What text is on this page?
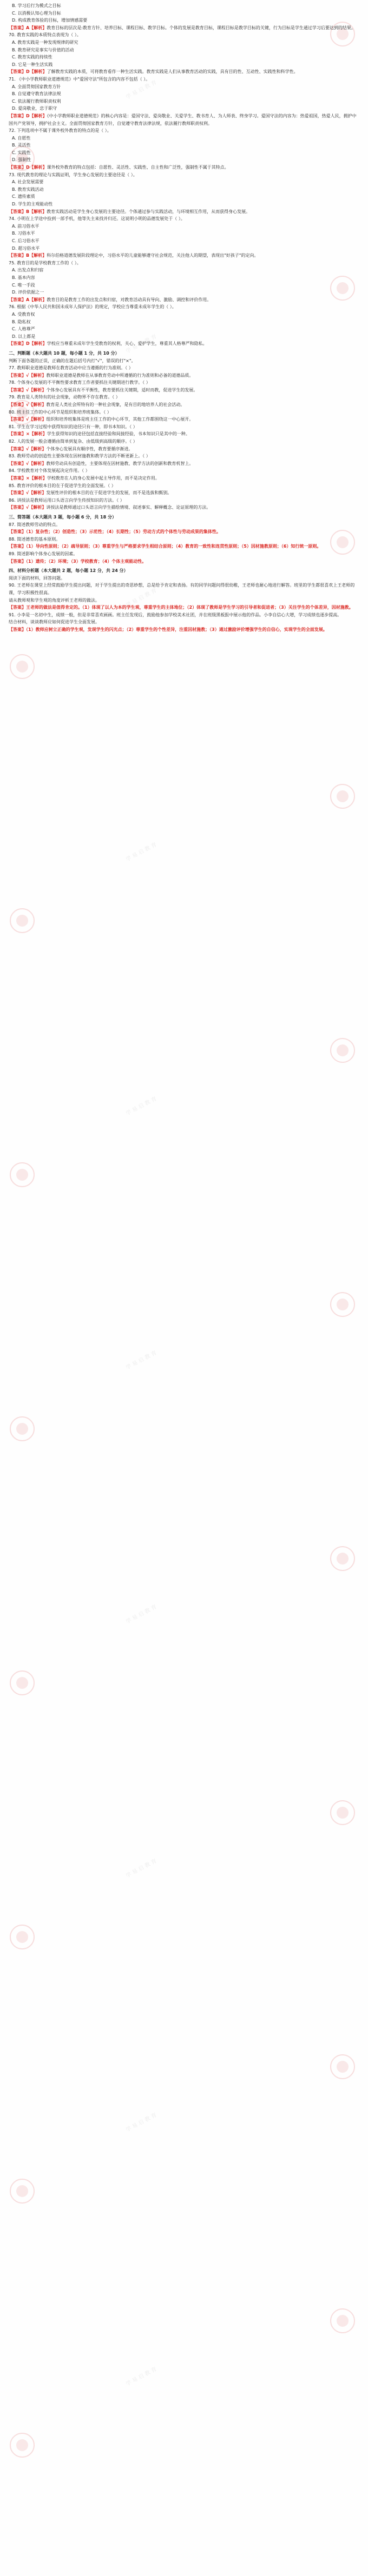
学 易 启 教 育
学 易 启 教 育
学 易 启 教 育
学 易 启 教 育
学 易 启 教 育
学 易 启 教 育
学 易 启 教 育
学 易 启 教 育
学 易 启 教 育
学 易 启 教 育
B. 学习后行为模式之目标
C. 以消极认知心理为目标
D. 构成教育体验的目标，增加情感需要
【答案】A【解析】教育目标的层次是:教育方针、培养目标、课程目标、教学目标。个体的发展是教育目标，课程目标是教学目标的关键，行为目标是学生通过学习后要达到的结果。
70. 教育实践的本质特点表现为（ ）。
A. 教育实践是一种发现规律的研究
B. 教育研究是事实与价值的活动
C. 教育实践的持续性
D. 它是一种生活实践
【答案】D【解析】了解教育实践的本质，可将教育看作一种生活实践。教育实践是人们从事教育活动的实践，具有目的性、互动性、实践性和科学性。
71. 《中小学教师职业道德规范》中"爱国守法"所包含的内容不包括（ ）。
A. 全面贯彻国家教育方针
B. 自觉遵守教育法律法规
C. 依法履行教师职责权利
D. 爱岗敬业，忠于职守
【答案】D【解析】《中小学教师职业道德规范》的核心内容是：爱国守法、爱岗敬业、关爱学生、教书育人、为人师表、终身学习。爱国守法的内容为：热爱祖国，热爱人民，拥护中国共产党领导，拥护社会主义。全面贯彻国家教育方针，自觉遵守教育法律法规，依法履行教师职责权利。
72. 下列选项中不属于课外校外教育的特点的是（ ）。
A. 自愿性
B. 灵活性
C. 实践性
D. 强制性
【答案】D【解析】课外校外教育的特点包括：自愿性、灵活性、实践性、自主性和广泛性，强制性不属于其特点。
73. 现代教育的理论与实践证明，学生身心发展的主要途径是（ ）。
A. 社会发展需要
B. 教育实践活动
C. 遗传素质
D. 学生的主观能动性
【答案】B【解析】教育实践活动是学生身心发展的主要途径。个体通过参与实践活动，与环境相互作用，从而获得身心发展。
74. 小明在上学途中捡到一部手机，他等失主来找并归还。这说明小明的品德发展处于（ ）。
A. 前习俗水平
B. 习俗水平
C. 后习俗水平
D. 超习俗水平
【答案】B【解析】科尔伯格道德发展阶段理论中，习俗水平的儿童能够遵守社会规范，关注他人的期望，表现出"好孩子"的定向。
75. 教育目的是学校教育工作的（ ）。
A. 出发点和归宿
B. 基本内容
C. 唯一手段
D. 评价依据之一
【答案】A【解析】教育目的是教育工作的出发点和归宿，对教育活动具有导向、激励、调控和评价作用。
76. 根据《中华人民共和国未成年人保护法》的规定，学校应当尊重未成年学生的（ ）。
A. 受教育权
B. 隐私权
C. 人格尊严
D. 以上都是
【答案】D【解析】学校应当尊重未成年学生受教育的权利，关心、爱护学生，尊重其人格尊严和隐私。
二、判断题（本大题共 10 题，每小题 1 分，共 10 分）
判断下面各题的正误，正确的在题后括号内打"√"，错误的打"×"。
77. 教师职业道德是教师在教育活动中应当遵循的行为准则。（ ）
【答案】√【解析】教师职业道德是教师在从事教育劳动中所遵循的行为准则和必备的道德品质。
78. 个体身心发展的不平衡性要求教育工作者要抓住关键期进行教学。（ ）
【答案】√【解析】个体身心发展具有不平衡性，教育要抓住关键期，适时而教，促进学生的发展。
79. 教育是人类特有的社会现象，动物界不存在教育。（ ）
【答案】√【解析】教育是人类社会所特有的一种社会现象，是有目的地培养人的社会活动。
80. 班主任工作的中心环节是组织和培养班集体。（ ）
【答案】√【解析】组织和培养班集体是班主任工作的中心环节，其他工作都围绕这一中心展开。
81. 学生在学习过程中获得知识的途径只有一种，即书本知识。（ ）
【答案】×【解析】学生获得知识的途径包括直接经验和间接经验，书本知识只是其中的一种。
82. 人的发展一般会遵循由简单到复杂、由低级到高级的顺序。（ ）
【答案】√【解析】个体身心发展具有顺序性，教育要循序渐进。
83. 教师劳动的创造性主要体现在因材施教和教学方法的不断更新上。（ ）
【答案】√【解析】教师劳动具有创造性，主要体现在因材施教、教学方法的创新和教育机智上。
84. 学校教育对个体发展起决定作用。（ ）
【答案】×【解析】学校教育在人的身心发展中起主导作用，而不是决定作用。
85. 教育评价的根本目的在于促进学生的全面发展。（ ）
【答案】√【解析】发展性评价的根本目的在于促进学生的发展，而不是选拔和甄别。
86. 讲授法是教师运用口头语言向学生传授知识的方法。（ ）
【答案】√【解析】讲授法是教师通过口头语言向学生描绘情境、叙述事实、解释概念、论证原理的方法。
三、简答题（本大题共 3 题，每小题 6 分，共 18 分）
87. 简述教师劳动的特点。
【答案】（1）复杂性；（2）创造性；（3）示范性；（4）长期性；（5）劳动方式的个体性与劳动成果的集体性。
88. 简述德育的基本原则。
【答案】（1）导向性原则；（2）疏导原则；（3）尊重学生与严格要求学生相结合原则；（4）教育的一致性和连贯性原则；（5）因材施教原则；（6）知行统一原则。
89. 简述影响个体身心发展的因素。
【答案】（1）遗传；（2）环境；（3）学校教育；（4）个体主观能动性。
四、材料分析题（本大题共 2 题，每小题 12 分，共 24 分）
阅读下面的材料，回答问题。
90. 王老师在课堂上经常鼓励学生提出问题，对于学生提出的奇思妙想，总是给予肯定和表扬。有的同学问题问得很幼稚，王老师也耐心地进行解答。班里的学生都很喜欢上王老师的课，学习积极性很高。
请从教师观和学生观的角度评析王老师的做法。
【答案】王老师的做法是值得肯定的。（1）体现了以人为本的学生观，尊重学生的主体地位；（2）体现了教师是学生学习的引导者和促进者；（3）关注学生的个体差异，因材施教。
91. 小李是一名初中生，成绩一般，但是非常喜欢画画。班主任发现后，鼓励他参加学校美术社团，并在班级黑板报中展示他的作品。小李自信心大增，学习成绩也逐步提高。
结合材料，谈谈教师应如何促进学生全面发展。
【答案】（1）教师应树立正确的学生观，发现学生的闪光点；（2）尊重学生的个性差异，注重因材施教；（3）通过激励评价增强学生的自信心，实现学生的全面发展。
